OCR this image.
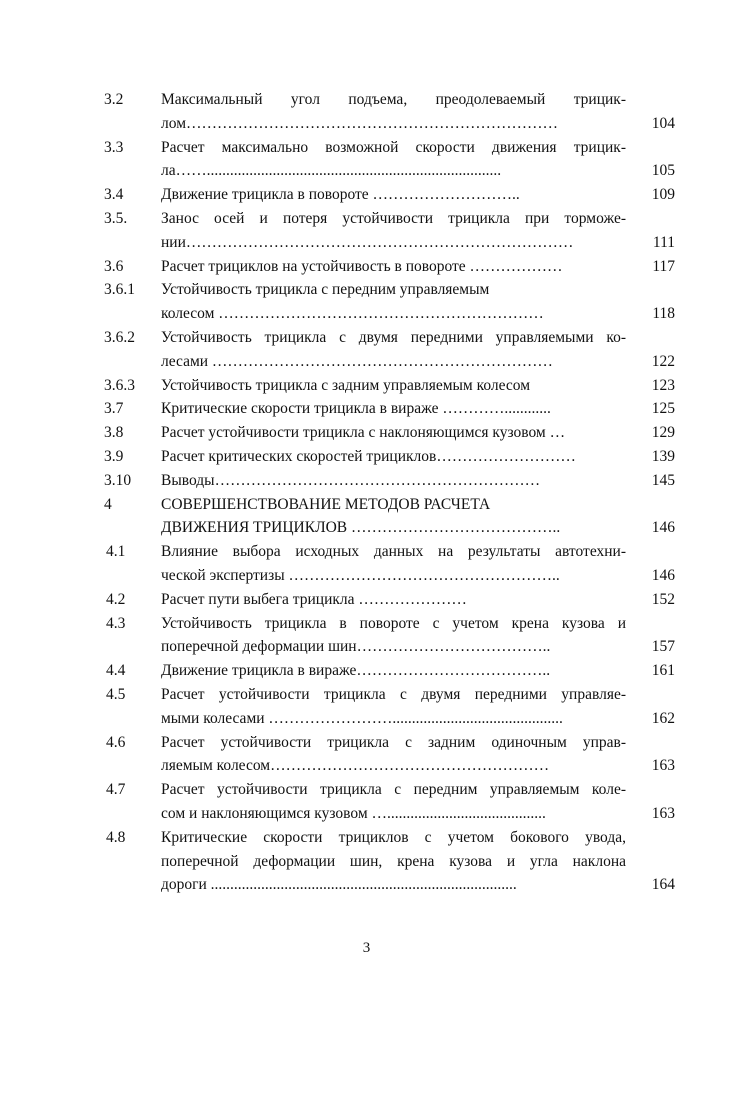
3.2 Максимальный угол подъема, преодолеваемый трицик-
лом………………………………………………………………	104
3.3 Расчет максимально возможной скорости движения трицик-
ла……............................................................................	105
3.4 Движение трицикла в повороте ………………………..	109
3.5. Занос осей и потеря устойчивости трицикла при торможе-
нии…………………………………………………………………	111
3.6 Расчет трициклов на устойчивость в повороте ………………	117
3.6.1 Устойчивость трицикла с передним управляемым
колесом ………………………………………………………	118
3.6.2 Устойчивость трицикла с двумя передними управляемыми ко-
лесами …………………………………………………………	122
3.6.3 Устойчивость трицикла с задним управляемым колесом	123
3.7 Критические скорости трицикла в вираже …………............	125
3.8 Расчет устойчивости трицикла с наклоняющимся кузовом …	129
3.9 Расчет критических скоростей трициклов………………………	139
3.10 Выводы………………………………………………………	145
4	СОВЕРШЕНСТВОВАНИЕ МЕТОДОВ РАСЧЕТА
ДВИЖЕНИЯ ТРИЦИКЛОВ …………………………………..	146
4.1 Влияние выбора исходных данных на результаты автотехни-
ческой экспертизы ……………………………………………..	146
4.2 Расчет пути выбега трицикла …………………	152
4.3 Устойчивость трицикла в повороте с учетом крена кузова и
поперечной деформации шин………………………………..	157
4.4 Движение трицикла в вираже………………………………..	161
4.5 Расчет устойчивости трицикла с двумя передними управляе-
мыми колесами ……………………............................................	162
4.6 Расчет устойчивости трицикла с задним одиночным управ-
ляемым колесом………………………………………………	163
4.7 Расчет устойчивости трицикла с передним управляемым коле-
сом и наклоняющимся кузовом ….........................................	163
4.8 Критические скорости трициклов с учетом бокового увода,
поперечной деформации шин, крена кузова и угла наклона
дороги ...............................................................................	164
3
